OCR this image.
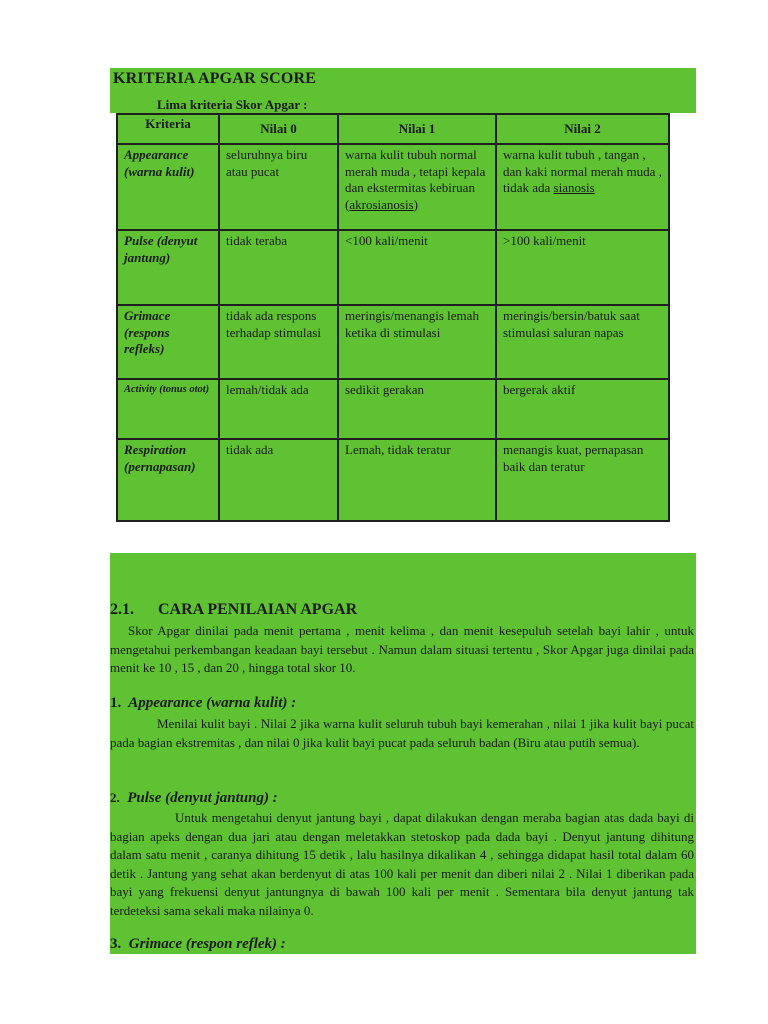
KRITERIA APGAR SCORE
Lima kriteria Skor Apgar :
Kriteria	Nilai 0	Nilai 1	Nilai 2
Appearance (warna kulit)	seluruhnya biru atau pucat	warna kulit tubuh normal merah muda , tetapi kepala dan ekstermitas kebiruan (akrosianosis)	warna kulit tubuh , tangan , dan kaki normal merah muda , tidak ada sianosis
Pulse (denyut jantung)	tidak teraba	<100 kali/menit	>100 kali/menit
Grimace (respons refleks)	tidak ada respons terhadap stimulasi	meringis/menangis lemah ketika di stimulasi	meringis/bersin/batuk saat stimulasi saluran napas
Activity (tonus otot)	lemah/tidak ada	sedikit gerakan	bergerak aktif
Respiration (pernapasan)	tidak ada	Lemah, tidak teratur	menangis kuat, pernapasan baik dan teratur
2.1. CARA PENILAIAN APGAR
Skor Apgar dinilai pada menit pertama , menit kelima , dan menit kesepuluh setelah bayi lahir , untuk mengetahui perkembangan keadaan bayi tersebut . Namun dalam situasi tertentu , Skor Apgar juga dinilai pada menit ke 10 , 15 , dan 20 , hingga total skor 10.
1. Appearance (warna kulit) :
Menilai kulit bayi . Nilai 2 jika warna kulit seluruh tubuh bayi kemerahan , nilai 1 jika kulit bayi pucat pada bagian ekstremitas , dan nilai 0 jika kulit bayi pucat pada seluruh badan (Biru atau putih semua).
2. Pulse (denyut jantung) :
Untuk mengetahui denyut jantung bayi , dapat dilakukan dengan meraba bagian atas dada bayi di bagian apeks dengan dua jari atau dengan meletakkan stetoskop pada dada bayi . Denyut jantung dihitung dalam satu menit , caranya dihitung 15 detik , lalu hasilnya dikalikan 4 , sehingga didapat hasil total dalam 60 detik . Jantung yang sehat akan berdenyut di atas 100 kali per menit dan diberi nilai 2 . Nilai 1 diberikan pada bayi yang frekuensi denyut jantungnya di bawah 100 kali per menit . Sementara bila denyut jantung tak terdeteksi sama sekali maka nilainya 0.
3. Grimace (respon reflek) :
